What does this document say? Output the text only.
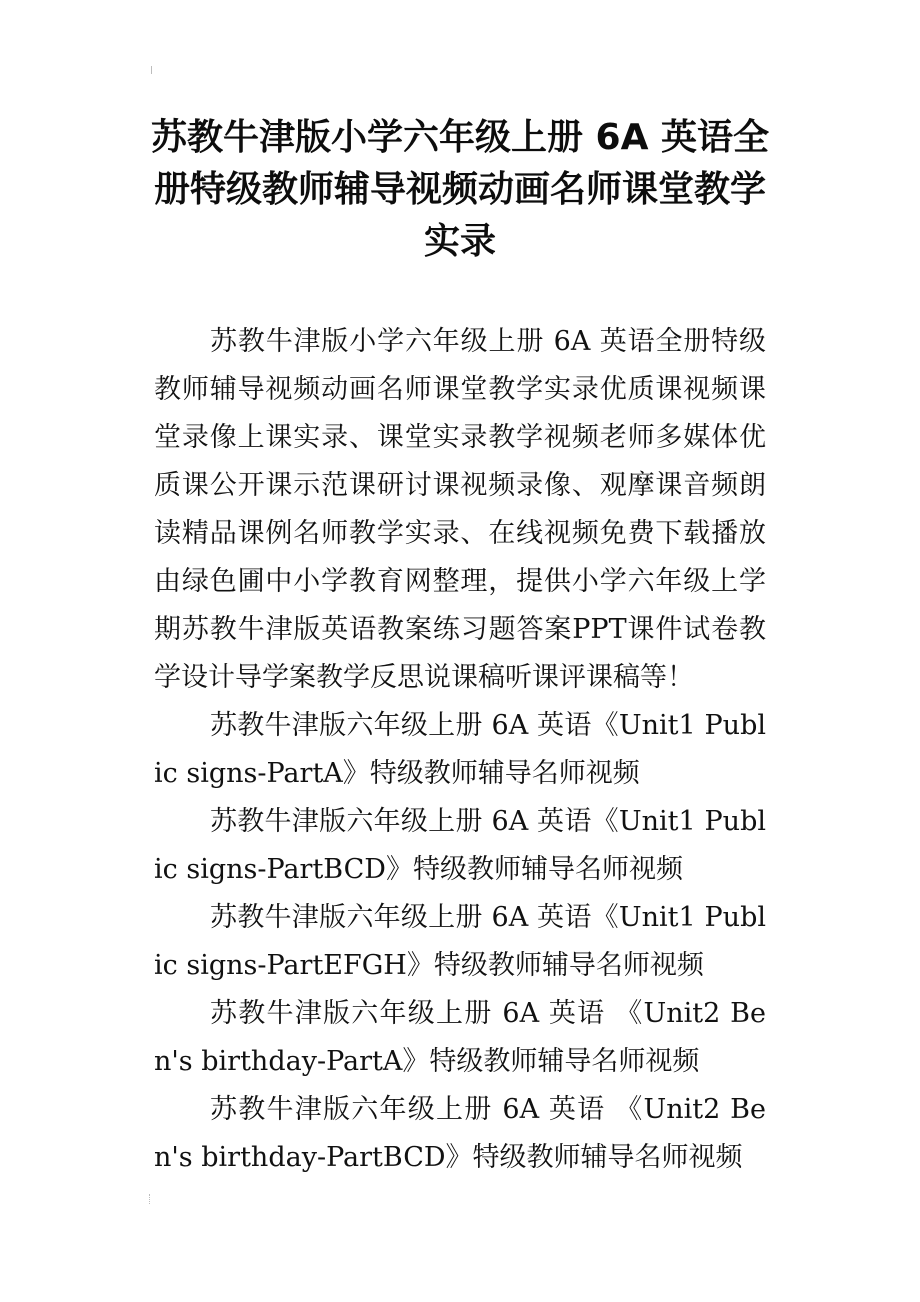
苏教牛津版小学六年级上册 6A 英语全册特级教师辅导视频动画名师课堂教学实录

苏教牛津版小学六年级上册 6A 英语全册特级教师辅导视频动画名师课堂教学实录优质课视频课堂录像上课实录、课堂实录教学视频老师多媒体优质课公开课示范课研讨课视频录像、观摩课音频朗读精品课例名师教学实录、在线视频免费下载播放由绿色圃中小学教育网整理，提供小学六年级上学期苏教牛津版英语教案练习题答案PPT课件试卷教学设计导学案教学反思说课稿听课评课稿等！

苏教牛津版六年级上册 6A 英语《Unit1 Public signs-PartA》特级教师辅导名师视频

苏教牛津版六年级上册 6A 英语《Unit1 Public signs-PartBCD》特级教师辅导名师视频

苏教牛津版六年级上册 6A 英语《Unit1 Public signs-PartEFGH》特级教师辅导名师视频

苏教牛津版六年级上册 6A 英语 《Unit2 Ben's birthday-PartA》特级教师辅导名师视频

苏教牛津版六年级上册 6A 英语 《Unit2 Ben's birthday-PartBCD》特级教师辅导名师视频
